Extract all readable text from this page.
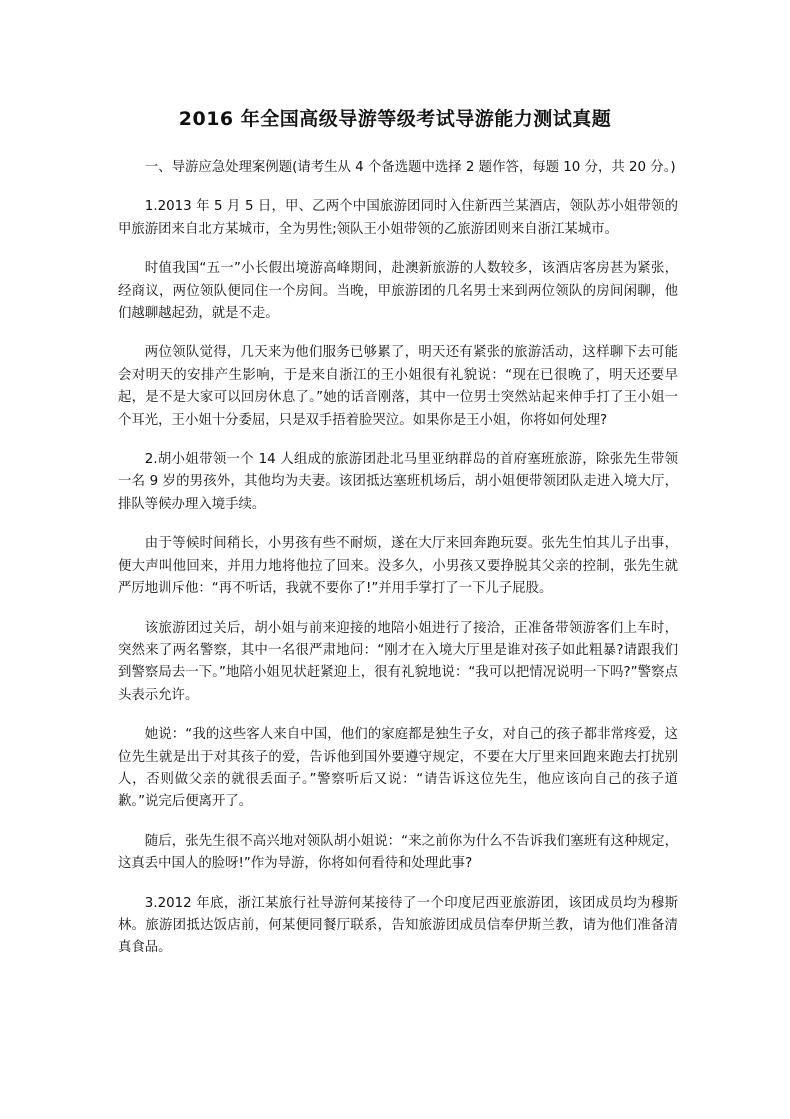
2016 年全国高级导游等级考试导游能力测试真题

一、导游应急处理案例题(请考生从 4 个备选题中选择 2 题作答，每题 10 分，共 20 分。)

1.2013 年 5 月 5 日，甲、乙两个中国旅游团同时入住新西兰某酒店，领队苏小姐带领的甲旅游团来自北方某城市，全为男性;领队王小姐带领的乙旅游团则来自浙江某城市。

时值我国“五一”小长假出境游高峰期间，赴澳新旅游的人数较多，该酒店客房甚为紧张，经商议，两位领队便同住一个房间。当晚，甲旅游团的几名男士来到两位领队的房间闲聊，他们越聊越起劲，就是不走。

两位领队觉得，几天来为他们服务已够累了，明天还有紧张的旅游活动，这样聊下去可能会对明天的安排产生影响，于是来自浙江的王小姐很有礼貌说：“现在已很晚了，明天还要早起，是不是大家可以回房休息了。”她的话音刚落，其中一位男士突然站起来伸手打了王小姐一个耳光，王小姐十分委屈，只是双手捂着脸哭泣。如果你是王小姐，你将如何处理?

2.胡小姐带领一个 14 人组成的旅游团赴北马里亚纳群岛的首府塞班旅游，除张先生带领一名 9 岁的男孩外，其他均为夫妻。该团抵达塞班机场后，胡小姐便带领团队走进入境大厅，排队等候办理入境手续。

由于等候时间稍长，小男孩有些不耐烦，遂在大厅来回奔跑玩耍。张先生怕其儿子出事，便大声叫他回来，并用力地将他拉了回来。没多久，小男孩又要挣脱其父亲的控制，张先生就严厉地训斥他：“再不听话，我就不要你了!”并用手掌打了一下儿子屁股。

该旅游团过关后，胡小姐与前来迎接的地陪小姐进行了接洽，正准备带领游客们上车时，突然来了两名警察，其中一名很严肃地问：“刚才在入境大厅里是谁对孩子如此粗暴?请跟我们到警察局去一下。”地陪小姐见状赶紧迎上，很有礼貌地说：“我可以把情况说明一下吗?”警察点头表示允许。

她说：“我的这些客人来自中国，他们的家庭都是独生子女，对自己的孩子都非常疼爱，这位先生就是出于对其孩子的爱，告诉他到国外要遵守规定，不要在大厅里来回跑来跑去打扰别人，否则做父亲的就很丢面子。”警察听后又说：“请告诉这位先生，他应该向自己的孩子道歉。”说完后便离开了。

随后，张先生很不高兴地对领队胡小姐说：“来之前你为什么不告诉我们塞班有这种规定，这真丢中国人的脸呀!”作为导游，你将如何看待和处理此事?

3.2012 年底，浙江某旅行社导游何某接待了一个印度尼西亚旅游团，该团成员均为穆斯林。旅游团抵达饭店前，何某便同餐厅联系，告知旅游团成员信奉伊斯兰教，请为他们准备清真食品。
